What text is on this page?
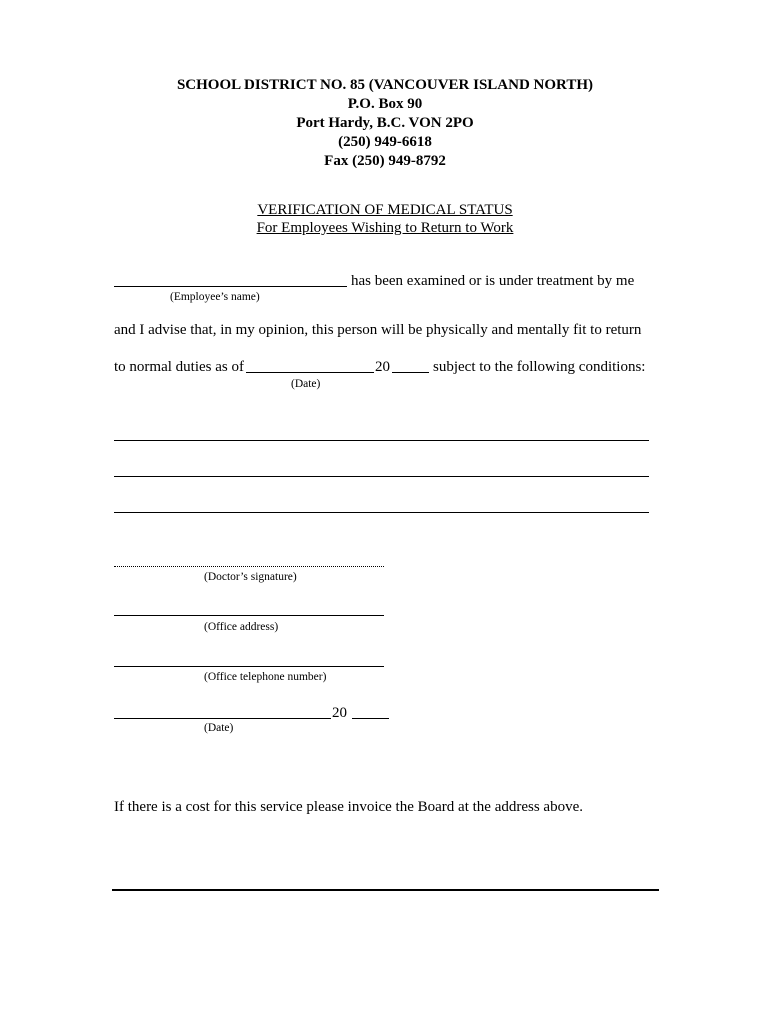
SCHOOL DISTRICT NO. 85 (VANCOUVER ISLAND NORTH)
P.O. Box 90
Port Hardy, B.C. VON 2PO
(250) 949-6618
Fax (250) 949-8792
VERIFICATION OF MEDICAL STATUS
For Employees Wishing to Return to Work
has been examined or is under treatment by me
(Employee’s name)
and I advise that, in my opinion, this person will be physically and mentally fit to return
to normal duties as of	20	subject to the following conditions:
(Date)
(Doctor’s signature)
(Office address)
(Office telephone number)
20
(Date)
If there is a cost for this service please invoice the Board at the address above.
